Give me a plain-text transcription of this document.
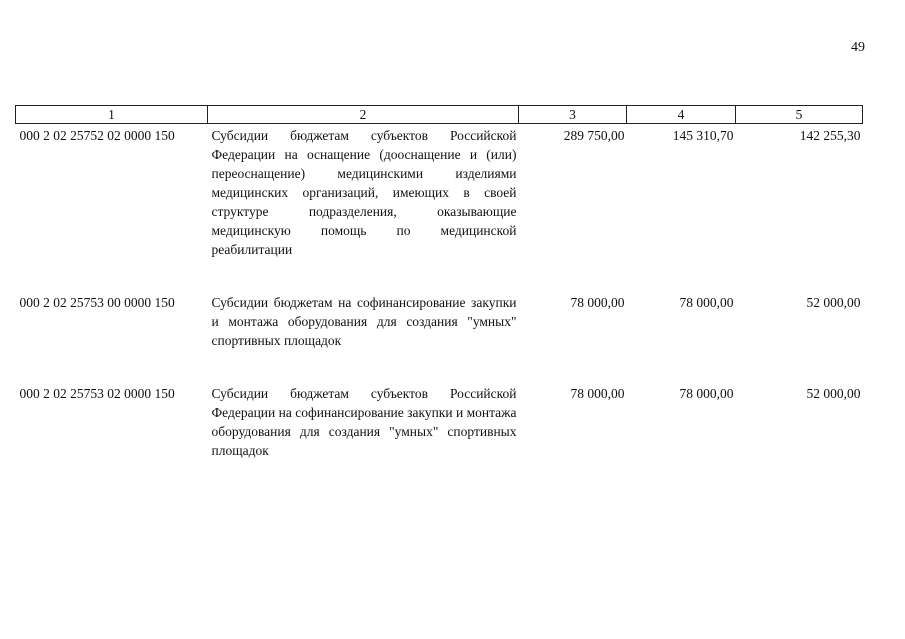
49
1	2	3	4	5
000 2 02 25752 02 0000 150	Субсидии бюджетам субъектов Российской Федерации на оснащение (дооснащение и (или) переоснащение) медицинскими изделиями медицинских организаций, имеющих в своей структуре подразделения, оказывающие медицинскую помощь по медицинской реабилитации	289 750,00	145 310,70	142 255,30

000 2 02 25753 00 0000 150	Субсидии бюджетам на софинансирование закупки и монтажа оборудования для создания "умных" спортивных площадок	78 000,00	78 000,00	52 000,00

000 2 02 25753 02 0000 150	Субсидии бюджетам субъектов Российской Федерации на софинансирование закупки и монтажа оборудования для создания "умных" спортивных площадок	78 000,00	78 000,00	52 000,00
